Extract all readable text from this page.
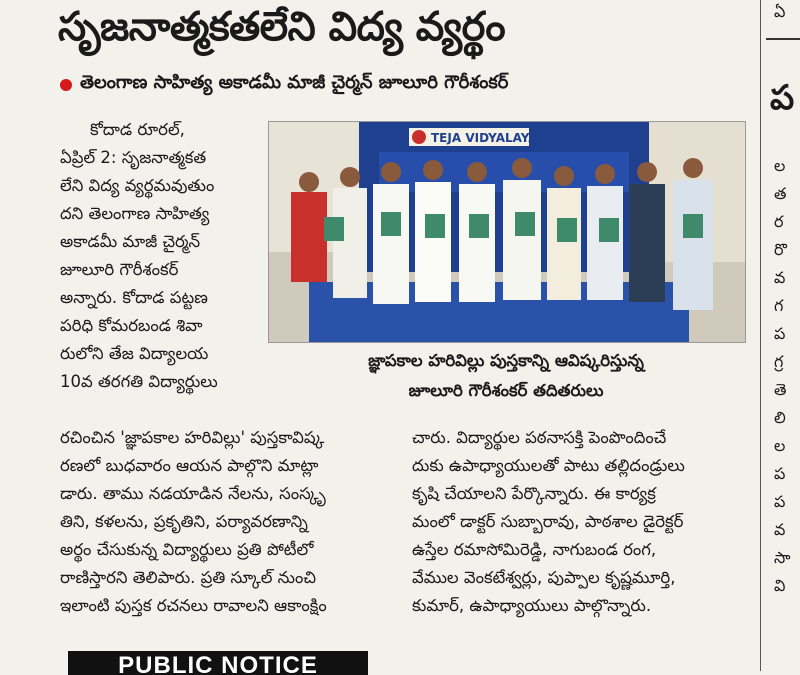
సృజనాత్మకతలేని విద్య వ్యర్థం
తెలంగాణ సాహిత్య అకాడమీ మాజీ చైర్మన్ జూలూరి గౌరీశంకర్
కోదాడ రూరల్,
ఏప్రిల్ 2: సృజనాత్మకత
లేని విద్య వ్యర్థమవుతుం
దని తెలంగాణ సాహిత్య
అకాడమీ మాజీ చైర్మన్
జూలూరి గౌరీశంకర్
అన్నారు. కోదాడ పట్టణ
పరిధి కోమరబండ శివా
రులోని తేజ విద్యాలయ
10వ తరగతి విద్యార్థులు
TEJA VIDYALAYA
జ్ఞాపకాల హరివిల్లు పుస్తకాన్ని ఆవిష్కరిస్తున్న
జూలూరి గౌరీశంకర్ తదితరులు
రచించిన 'జ్ఞాపకాల హరివిల్లు' పుస్తకావిష్క
రణలో బుధవారం ఆయన పాల్గొని మాట్లా
డారు. తాము నడయాడిన నేలను, సంస్కృ
తిని, కళలను, ప్రకృతిని, పర్యావరణాన్ని
అర్థం చేసుకున్న విద్యార్థులు ప్రతి పోటీలో
రాణిస్తారని తెలిపారు. ప్రతి స్కూల్ నుంచి
ఇలాంటి పుస్తక రచనలు రావాలని ఆకాంక్షిం
చారు. విద్యార్థుల పఠనాసక్తి పెంపొందించే
దుకు ఉపాధ్యాయులతో పాటు తల్లిదండ్రులు
కృషి చేయాలని పేర్కొన్నారు. ఈ కార్యక్ర
మంలో డాక్టర్ సుబ్బారావు, పాఠశాల డైరెక్టర్
ఉస్తేల రమాసోమిరెడ్డి, నాగుబండ రంగ,
వేముల వెంకటేశ్వర్లు, పుప్పాల కృష్ణమూర్తి,
కుమార్, ఉపాధ్యాయులు పాల్గొన్నారు.
PUBLIC NOTICE
ఏ
ప
ల
త
ర
రొ
వ
గ
ప
గ్ర
తె
లి
ల
ప
ప
వ
సా
వి
